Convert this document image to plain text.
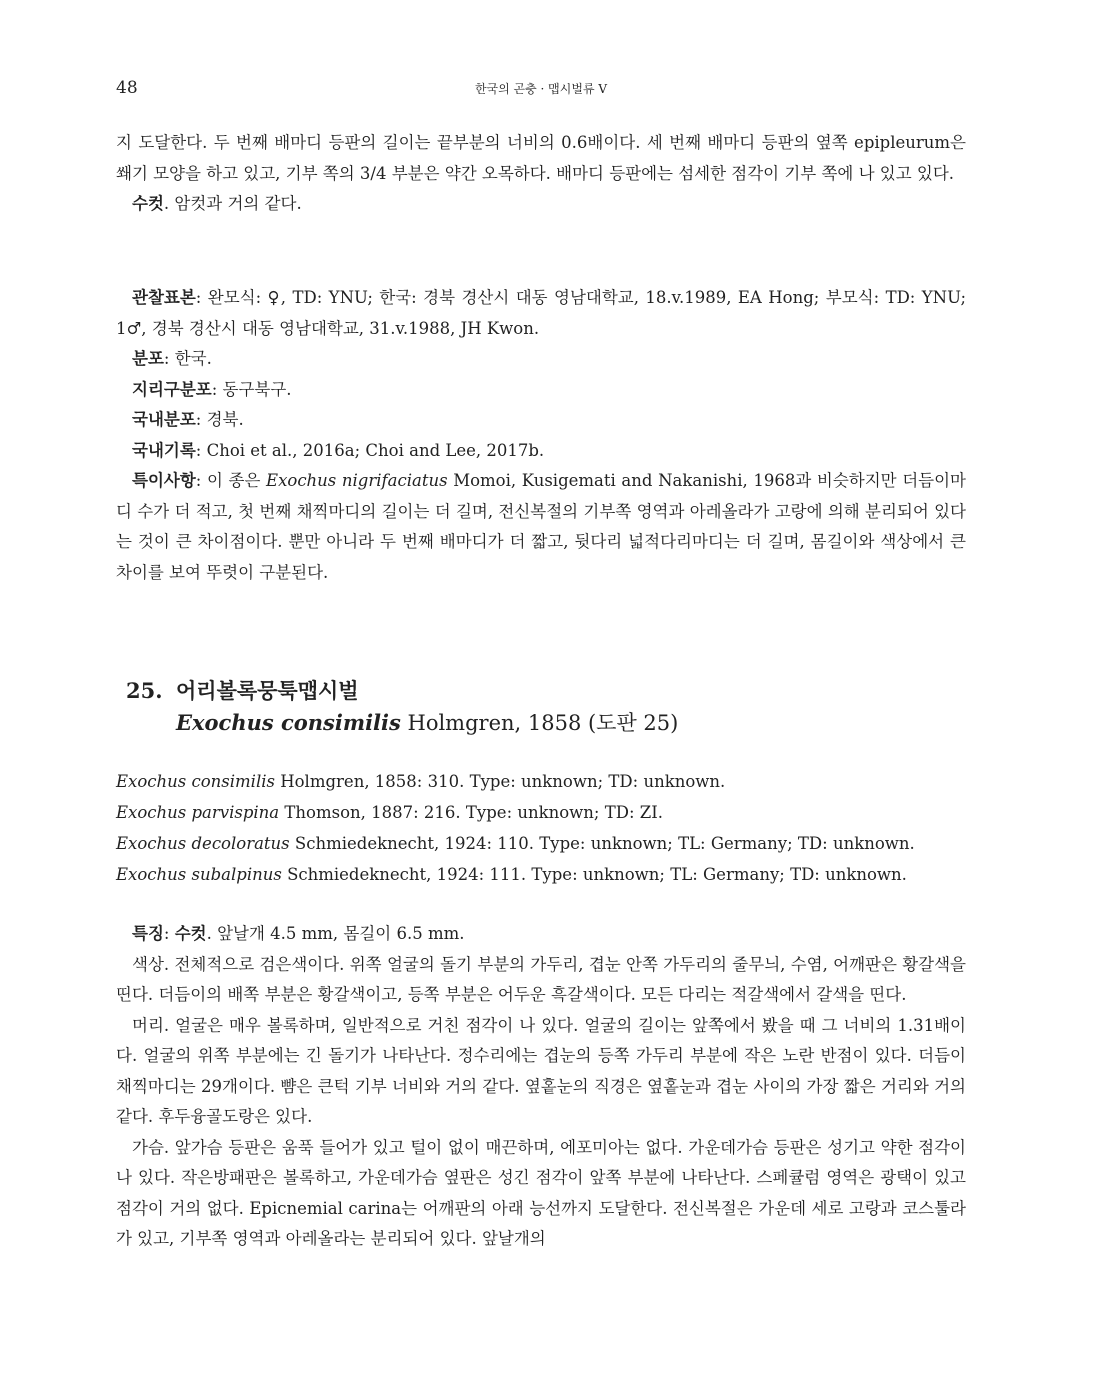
48	한국의 곤충 · 맵시벌류 V

지 도달한다. 두 번째 배마디 등판의 길이는 끝부분의 너비의 0.6배이다. 세 번째 배마디 등판의 옆쪽 epipleurum은 쐐기 모양을 하고 있고, 기부 쪽의 3/4 부분은 약간 오목하다. 배마디 등판에는 섬세한 점각이 기부 쪽에 나 있고 있다.

수컷. 암컷과 거의 같다.

관찰표본: 완모식: ♀, TD: YNU; 한국: 경북 경산시 대동 영남대학교, 18.v.1989, EA Hong; 부모식: TD: YNU; 1♂, 경북 경산시 대동 영남대학교, 31.v.1988, JH Kwon.

분포: 한국.

지리구분포: 동구북구.

국내분포: 경북.

국내기록: Choi et al., 2016a; Choi and Lee, 2017b.

특이사항: 이 종은 Exochus nigrifaciatus Momoi, Kusigemati and Nakanishi, 1968과 비슷하지만 더듬이마디 수가 더 적고, 첫 번째 채찍마디의 길이는 더 길며, 전신복절의 기부쪽 영역과 아레올라가 고랑에 의해 분리되어 있다는 것이 큰 차이점이다. 뿐만 아니라 두 번째 배마디가 더 짧고, 뒷다리 넓적다리마디는 더 길며, 몸길이와 색상에서 큰 차이를 보여 뚜렷이 구분된다.

25. 어리볼록뭉툭맵시벌
Exochus consimilis Holmgren, 1858 (도판 25)

Exochus consimilis Holmgren, 1858: 310. Type: unknown; TD: unknown.

Exochus parvispina Thomson, 1887: 216. Type: unknown; TD: ZI.

Exochus decoloratus Schmiedeknecht, 1924: 110. Type: unknown; TL: Germany; TD: unknown.

Exochus subalpinus Schmiedeknecht, 1924: 111. Type: unknown; TL: Germany; TD: unknown.

특징: 수컷. 앞날개 4.5 mm, 몸길이 6.5 mm.

색상. 전체적으로 검은색이다. 위쪽 얼굴의 돌기 부분의 가두리, 겹눈 안쪽 가두리의 줄무늬, 수염, 어깨판은 황갈색을 띤다. 더듬이의 배쪽 부분은 황갈색이고, 등쪽 부분은 어두운 흑갈색이다. 모든 다리는 적갈색에서 갈색을 띤다.

머리. 얼굴은 매우 볼록하며, 일반적으로 거친 점각이 나 있다. 얼굴의 길이는 앞쪽에서 봤을 때 그 너비의 1.31배이다. 얼굴의 위쪽 부분에는 긴 돌기가 나타난다. 정수리에는 겹눈의 등쪽 가두리 부분에 작은 노란 반점이 있다. 더듬이 채찍마디는 29개이다. 뺨은 큰턱 기부 너비와 거의 같다. 옆홑눈의 직경은 옆홑눈과 겹눈 사이의 가장 짧은 거리와 거의 같다. 후두융골도랑은 있다.

가슴. 앞가슴 등판은 움푹 들어가 있고 털이 없이 매끈하며, 에포미아는 없다. 가운데가슴 등판은 성기고 약한 점각이 나 있다. 작은방패판은 볼록하고, 가운데가슴 옆판은 성긴 점각이 앞쪽 부분에 나타난다. 스페큘럼 영역은 광택이 있고 점각이 거의 없다. Epicnemial carina는 어깨판의 아래 능선까지 도달한다. 전신복절은 가운데 세로 고랑과 코스툴라가 있고, 기부쪽 영역과 아레올라는 분리되어 있다. 앞날개의
